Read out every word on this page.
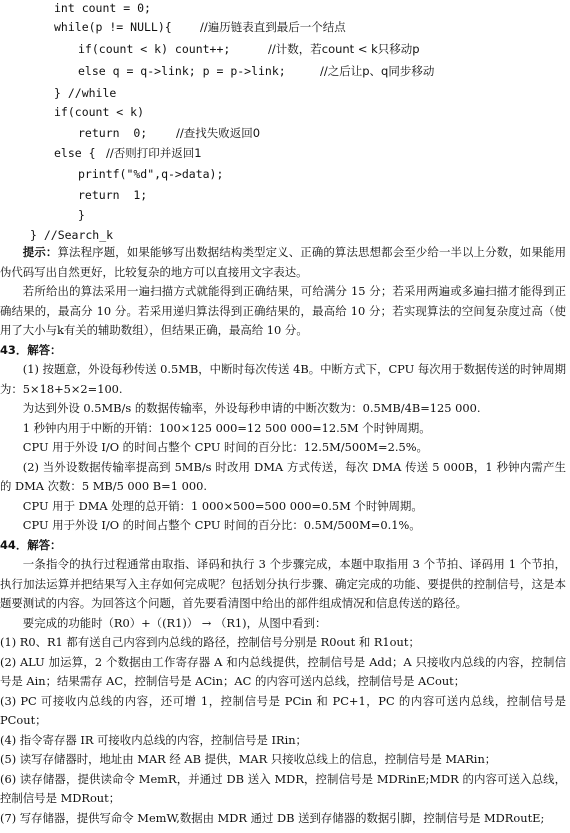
int count = 0;
while(p != NULL){ //遍历链表直到最后一个结点
if(count < k) count++;	//计数，若count < k只移动p
else q = q->link; p = p->link;	//之后让p、q同步移动
} //while
if(count < k)
return  0;	//查找失败返回0
else { //否则打印并返回1
printf("%d",q->data);
return  1;
}
} //Search_k

提示：算法程序题，如果能够写出数据结构类型定义、正确的算法思想都会至少给一半以上分数，如果能用伪代码写出自然更好，比较复杂的地方可以直接用文字表达。

若所给出的算法采用一遍扫描方式就能得到正确结果，可给满分 15 分；若采用两遍或多遍扫描才能得到正确结果的，最高分 10 分。若采用递归算法得到正确结果的，最高给 10 分；若实现算法的空间复杂度过高（使用了大小与k有关的辅助数组），但结果正确，最高给 10 分。

43．解答：

(1) 按题意，外设每秒传送 0.5MB，中断时每次传送 4B。中断方式下，CPU 每次用于数据传送的时钟周期为：5×18+5×2=100.

为达到外设 0.5MB/s 的数据传输率，外设每秒申请的中断次数为：0.5MB/4B=125 000.

1 秒钟内用于中断的开销：100×125 000=12 500 000=12.5M 个时钟周期。

CPU 用于外设 I/O 的时间占整个 CPU 时间的百分比：12.5M/500M=2.5%。

(2) 当外设数据传输率提高到 5MB/s 时改用 DMA 方式传送，每次 DMA 传送 5 000B，1 秒钟内需产生的 DMA 次数：5 MB/5 000 B=1 000.

CPU 用于 DMA 处理的总开销：1 000×500=500 000=0.5M 个时钟周期。

CPU 用于外设 I/O 的时间占整个 CPU 时间的百分比：0.5M/500M=0.1%。

44．解答：

一条指令的执行过程通常由取指、译码和执行 3 个步骤完成，本题中取指用 3 个节拍、译码用 1 个节拍，执行加法运算并把结果写入主存如何完成呢？包括划分执行步骤、确定完成的功能、要提供的控制信号，这是本题要测试的内容。为回答这个问题，首先要看清图中给出的部件组成情况和信息传送的路径。

要完成的功能时（R0）+（(R1)） → （R1)，从图中看到：

(1) R0、R1 都有送自己内容到内总线的路径，控制信号分别是 R0out 和 R1out；

(2) ALU 加运算，2 个数据由工作寄存器 A 和内总线提供，控制信号是 Add；A 只接收内总线的内容，控制信号是 Ain；结果需存 AC，控制信号是 ACin；AC 的内容可送内总线，控制信号是 ACout；

(3) PC 可接收内总线的内容，还可增 1，控制信号是 PCin 和 PC+1，PC 的内容可送内总线，控制信号是 PCout；

(4) 指令寄存器 IR 可接收内总线的内容，控制信号是 IRin；

(5) 读写存储器时，地址由 MAR 经 AB 提供，MAR 只接收总线上的信息，控制信号是 MARin；

(6) 读存储器，提供读命令 MemR，并通过 DB 送入 MDR，控制信号是 MDRinE;MDR 的内容可送入总线，控制信号是 MDRout；

(7) 写存储器，提供写命令 MemW,数据由 MDR 通过 DB 送到存储器的数据引脚，控制信号是 MDRoutE;
